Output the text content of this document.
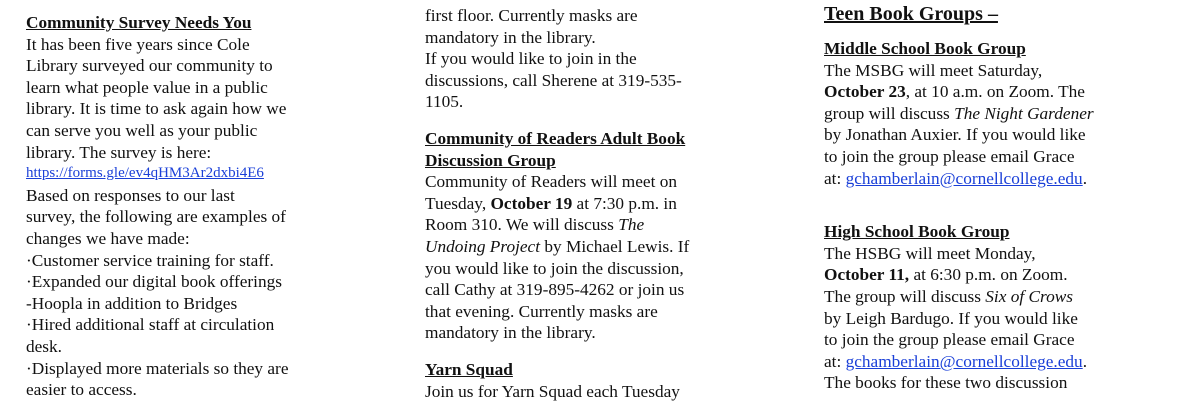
Community Survey Needs You

It has been five years since Cole

Library surveyed our community to

learn what people value in a public

library. It is time to ask again how we

can serve you well as your public

library. The survey is here:

https://forms.gle/ev4qHM3Ar2dxbi4E6

Based on responses to our last

survey, the following are examples of

changes we have made:

·Customer service training for staff.

·Expanded our digital book offerings

-Hoopla in addition to Bridges

·Hired additional staff at circulation

desk.

·Displayed more materials so they are

easier to access.

first floor. Currently masks are

mandatory in the library.

If you would like to join in the

discussions, call Sherene at 319-535-

1105.

Community of Readers Adult Book

Discussion Group

Community of Readers will meet on

Tuesday, October 19 at 7:30 p.m. in

Room 310. We will discuss The

Undoing Project by Michael Lewis. If

you would like to join the discussion,

call Cathy at 319-895-4262 or join us

that evening. Currently masks are

mandatory in the library.

Yarn Squad

Join us for Yarn Squad each Tuesday

Teen Book Groups –

Middle School Book Group

The MSBG will meet Saturday,

October 23, at 10 a.m. on Zoom. The

group will discuss The Night Gardener

by Jonathan Auxier. If you would like

to join the group please email Grace

at: gchamberlain@cornellcollege.edu.

High School Book Group

The HSBG will meet Monday,

October 11, at 6:30 p.m. on Zoom.

The group will discuss Six of Crows

by Leigh Bardugo. If you would like

to join the group please email Grace

at: gchamberlain@cornellcollege.edu.

The books for these two discussion
